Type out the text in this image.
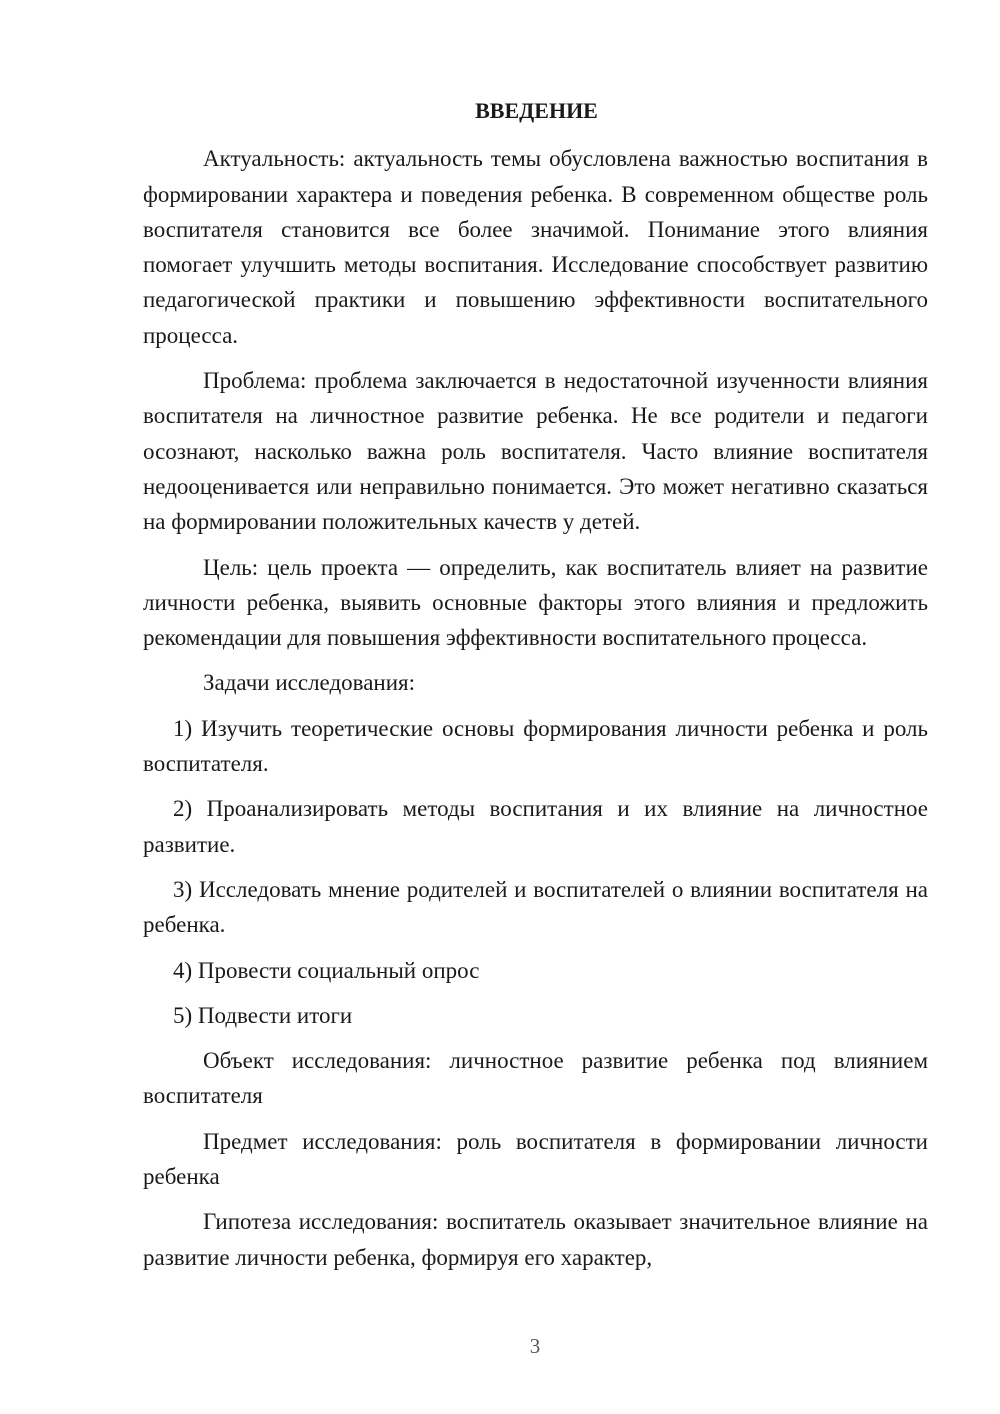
ВВЕДЕНИЕ

Актуальность: актуальность темы обусловлена важностью воспитания в формировании характера и поведения ребенка. В современном обществе роль воспитателя становится все более значимой. Понимание этого влияния помогает улучшить методы воспитания. Исследование способствует развитию педагогической практики и повышению эффективности воспитательного процесса.

Проблема: проблема заключается в недостаточной изученности влияния воспитателя на личностное развитие ребенка. Не все родители и педагоги осознают, насколько важна роль воспитателя. Часто влияние воспитателя недооценивается или неправильно понимается. Это может негативно сказаться на формировании положительных качеств у детей.

Цель: цель проекта — определить, как воспитатель влияет на развитие личности ребенка, выявить основные факторы этого влияния и предложить рекомендации для повышения эффективности воспитательного процесса.

Задачи исследования:

1) Изучить теоретические основы формирования личности ребенка и роль воспитателя.

2) Проанализировать методы воспитания и их влияние на личностное развитие.

3) Исследовать мнение родителей и воспитателей о влиянии воспитателя на ребенка.

4) Провести социальный опрос

5) Подвести итоги

Объект исследования: личностное развитие ребенка под влиянием воспитателя

Предмет исследования: роль воспитателя в формировании личности ребенка

Гипотеза исследования: воспитатель оказывает значительное влияние на развитие личности ребенка, формируя его характер,

3
